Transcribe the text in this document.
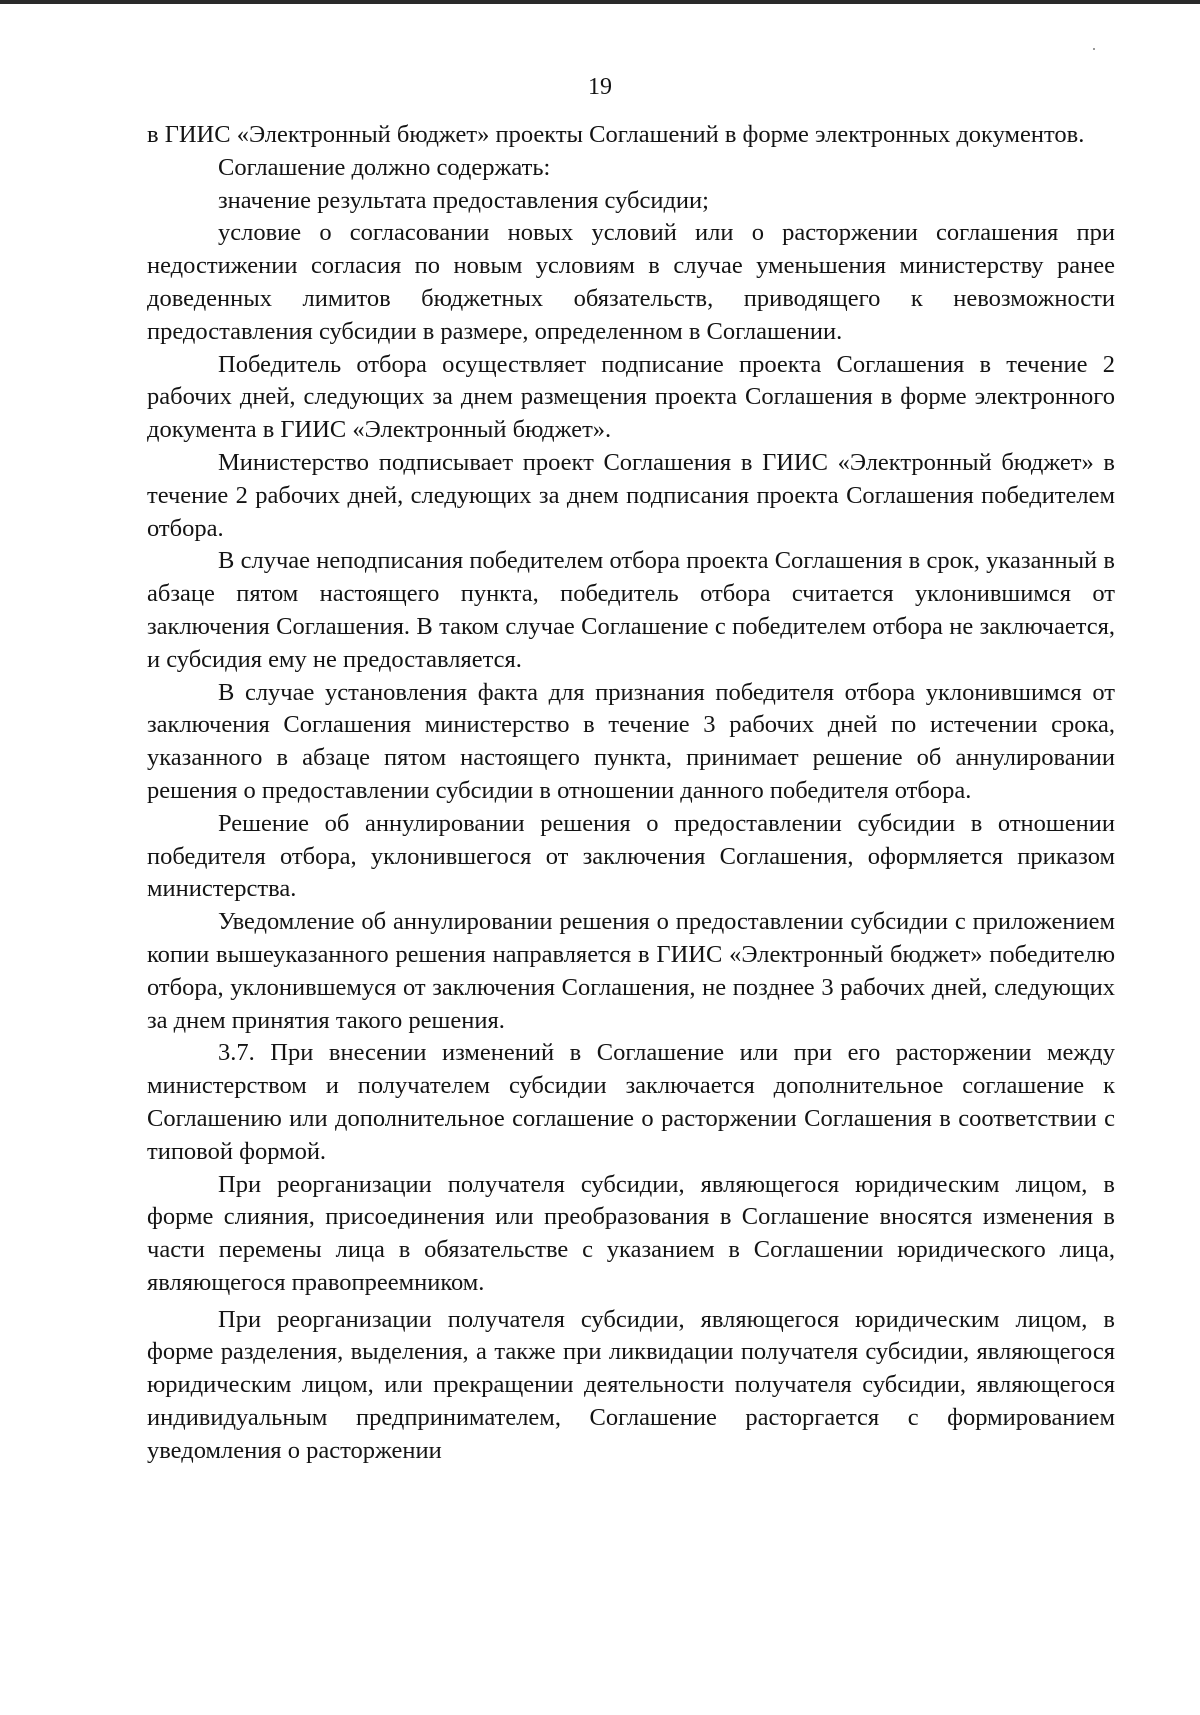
19

в ГИИС «Электронный бюджет» проекты Соглашений в форме электронных документов.

Соглашение должно содержать:

значение результата предоставления субсидии;

условие о согласовании новых условий или о расторжении соглашения при недостижении согласия по новым условиям в случае уменьшения министерству ранее доведенных лимитов бюджетных обязательств, приводящего к невозможности предоставления субсидии в размере, определенном в Соглашении.

Победитель отбора осуществляет подписание проекта Соглашения в течение 2 рабочих дней, следующих за днем размещения проекта Соглашения в форме электронного документа в ГИИС «Электронный бюджет».

Министерство подписывает проект Соглашения в ГИИС «Электронный бюджет» в течение 2 рабочих дней, следующих за днем подписания проекта Соглашения победителем отбора.

В случае неподписания победителем отбора проекта Соглашения в срок, указанный в абзаце пятом настоящего пункта, победитель отбора считается уклонившимся от заключения Соглашения. В таком случае Соглашение с победителем отбора не заключается, и субсидия ему не предоставляется.

В случае установления факта для признания победителя отбора уклонившимся от заключения Соглашения министерство в течение 3 рабочих дней по истечении срока, указанного в абзаце пятом настоящего пункта, принимает решение об аннулировании решения о предоставлении субсидии в отношении данного победителя отбора.

Решение об аннулировании решения о предоставлении субсидии в отношении победителя отбора, уклонившегося от заключения Соглашения, оформляется приказом министерства.

Уведомление об аннулировании решения о предоставлении субсидии с приложением копии вышеуказанного решения направляется в ГИИС «Электронный бюджет» победителю отбора, уклонившемуся от заключения Соглашения, не позднее 3 рабочих дней, следующих за днем принятия такого решения.

3.7. При внесении изменений в Соглашение или при его расторжении между министерством и получателем субсидии заключается дополнительное соглашение к Соглашению или дополнительное соглашение о расторжении Соглашения в соответствии с типовой формой.

При реорганизации получателя субсидии, являющегося юридическим лицом, в форме слияния, присоединения или преобразования в Соглашение вносятся изменения в части перемены лица в обязательстве с указанием в Соглашении юридического лица, являющегося правопреемником.

При реорганизации получателя субсидии, являющегося юридическим лицом, в форме разделения, выделения, а также при ликвидации получателя субсидии, являющегося юридическим лицом, или прекращении деятельности получателя субсидии, являющегося индивидуальным предпринимателем, Соглашение расторгается с формированием уведомления о расторжении
